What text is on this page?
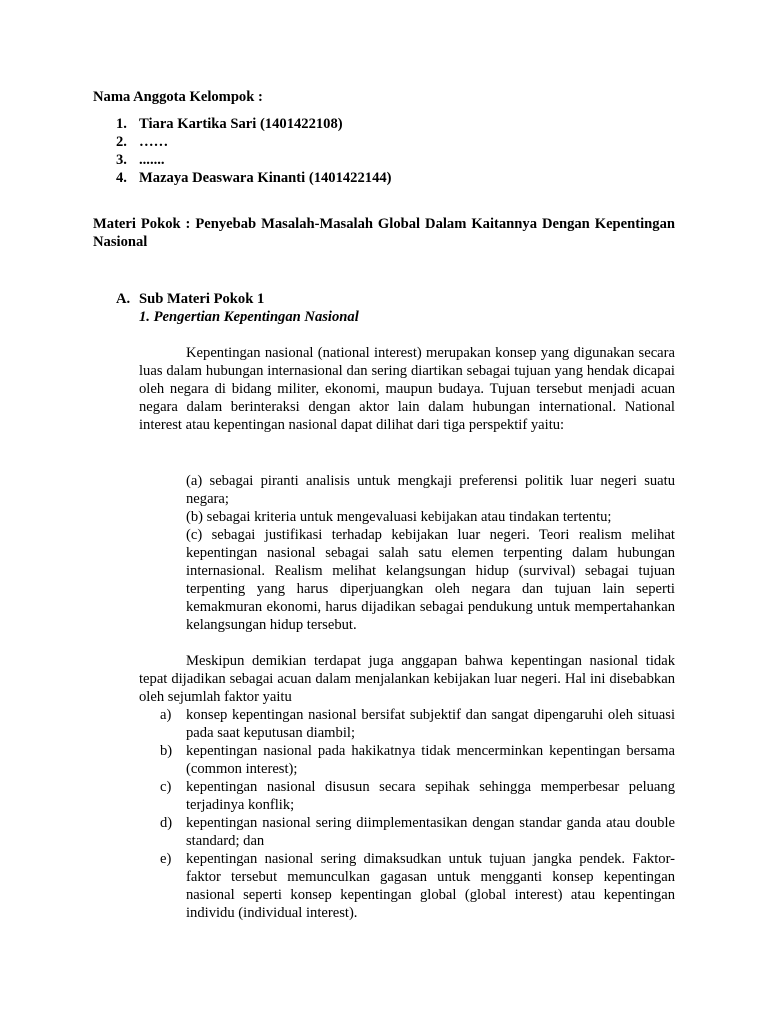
Nama Anggota Kelompok :
1. Tiara Kartika Sari (1401422108)
2. ……
3. .......
4. Mazaya Deaswara Kinanti (1401422144)
Materi Pokok : Penyebab Masalah-Masalah Global Dalam Kaitannya Dengan Kepentingan Nasional
A. Sub Materi Pokok 1
1. Pengertian Kepentingan Nasional
Kepentingan nasional (national interest) merupakan konsep yang digunakan secara luas dalam hubungan internasional dan sering diartikan sebagai tujuan yang hendak dicapai oleh negara di bidang militer, ekonomi, maupun budaya. Tujuan tersebut menjadi acuan negara dalam berinteraksi dengan aktor lain dalam hubungan international. National interest atau kepentingan nasional dapat dilihat dari tiga perspektif yaitu:
(a) sebagai piranti analisis untuk mengkaji preferensi politik luar negeri suatu negara;
(b) sebagai kriteria untuk mengevaluasi kebijakan atau tindakan tertentu;
(c) sebagai justifikasi terhadap kebijakan luar negeri. Teori realism melihat kepentingan nasional sebagai salah satu elemen terpenting dalam hubungan internasional. Realism melihat kelangsungan hidup (survival) sebagai tujuan terpenting yang harus diperjuangkan oleh negara dan tujuan lain seperti kemakmuran ekonomi, harus dijadikan sebagai pendukung untuk mempertahankan kelangsungan hidup tersebut.
Meskipun demikian terdapat juga anggapan bahwa kepentingan nasional tidak tepat dijadikan sebagai acuan dalam menjalankan kebijakan luar negeri. Hal ini disebabkan oleh sejumlah faktor yaitu
a) konsep kepentingan nasional bersifat subjektif dan sangat dipengaruhi oleh situasi pada saat keputusan diambil;
b) kepentingan nasional pada hakikatnya tidak mencerminkan kepentingan bersama (common interest);
c) kepentingan nasional disusun secara sepihak sehingga memperbesar peluang terjadinya konflik;
d) kepentingan nasional sering diimplementasikan dengan standar ganda atau double standard; dan
e) kepentingan nasional sering dimaksudkan untuk tujuan jangka pendek. Faktor-faktor tersebut memunculkan gagasan untuk mengganti konsep kepentingan nasional seperti konsep kepentingan global (global interest) atau kepentingan individu (individual interest).
